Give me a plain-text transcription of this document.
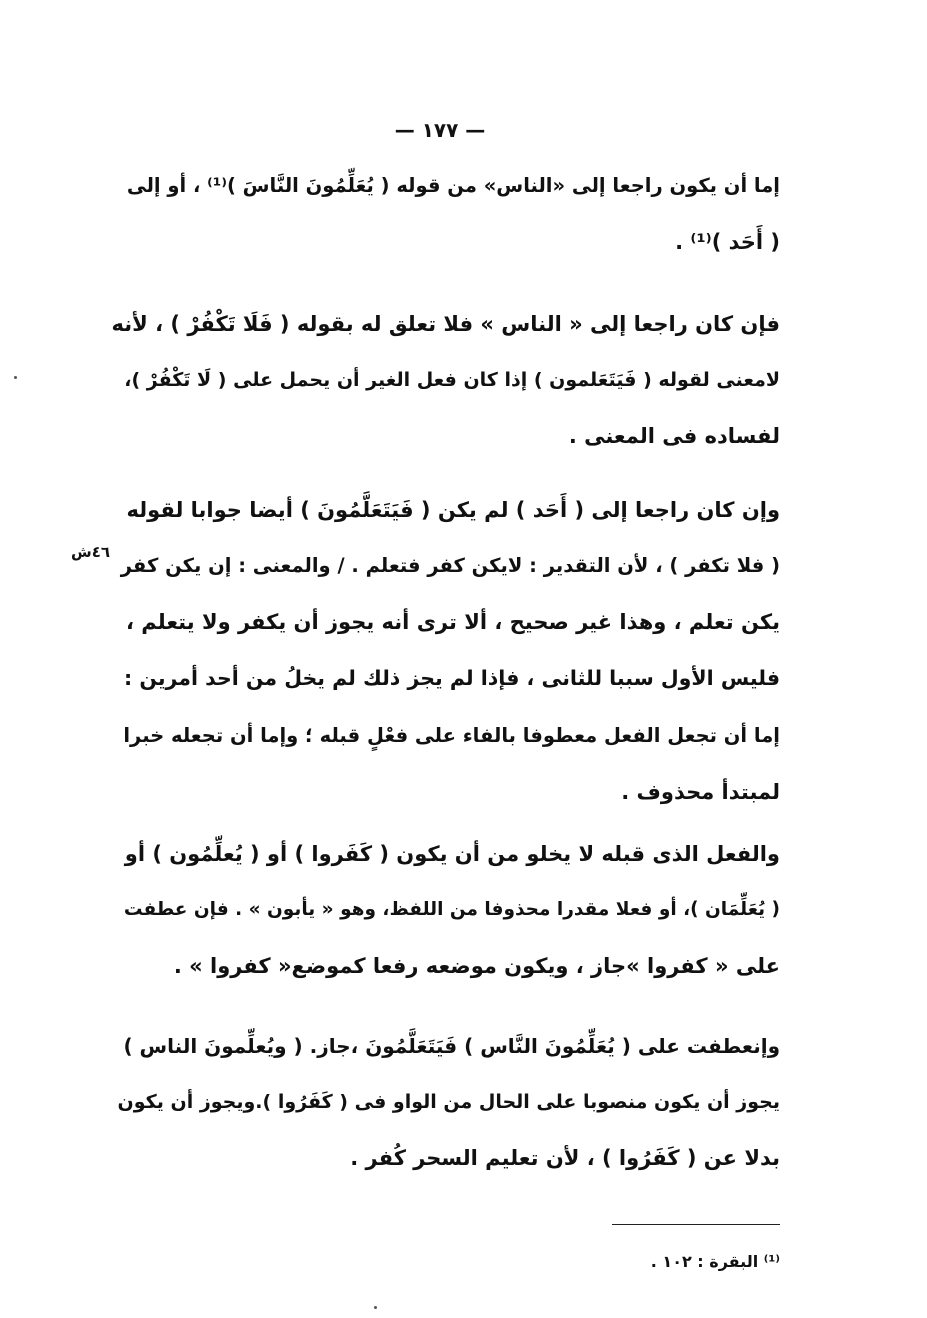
— ١٧٧ —
إما أن يكون راجعا إلى «الناس» من قوله ( يُعَلِّمُونَ النَّاسَ )⁽¹⁾ ، أو إلى
( أَحَد )⁽¹⁾ .
فإن كان راجعا إلى « الناس » فلا تعلق له بقوله ( فَلَا تَكْفُرْ ) ، لأنه
لامعنى لقوله ( فَيَتَعَلمون ) إذا كان فعل الغير أن يحمل على ( لَا تَكْفُرْ )،
لفساده فى المعنى .
وإن كان راجعا إلى ( أَحَد ) لم يكن ( فَيَتَعَلَّمُونَ ) أيضا جوابا لقوله
( فلا تكفر ) ، لأن التقدير : لايكن كفر فتعلم . / والمعنى : إن يكن كفر
يكن تعلم ، وهذا غير صحيح ، ألا ترى أنه يجوز أن يكفر ولا يتعلم ،
فليس الأول سببا للثانى ، فإذا لم يجز ذلك لم يخلُ من أحد أمرين :
٤٦ش
إما أن تجعل الفعل معطوفا بالفاء على فعْلٍ قبله ؛ وإما أن تجعله خبرا
لمبتدأ محذوف .
والفعل الذى قبله لا يخلو من أن يكون ( كَفَروا ) أو ( يُعلِّمُون ) أو
( يُعَلِّمَان )، أو فعلا مقدرا محذوفا من اللفظ، وهو « يأبون » . فإن عطفت
على « كفروا »جاز ، ويكون موضعه رفعا كموضع« كفروا » .
وإنعطفت على ( يُعَلِّمُونَ النَّاس ) فَيَتَعَلَّمُونَ ،جاز. ( ويُعلِّمونَ الناس )
يجوز أن يكون منصوبا على الحال من الواو فى ( كَفَرُوا ).ويجوز أن يكون
بدلا عن ( كَفَرُوا ) ، لأن تعليم السحر كُفر .
⁽¹⁾ البقرة : ١٠٢ .
